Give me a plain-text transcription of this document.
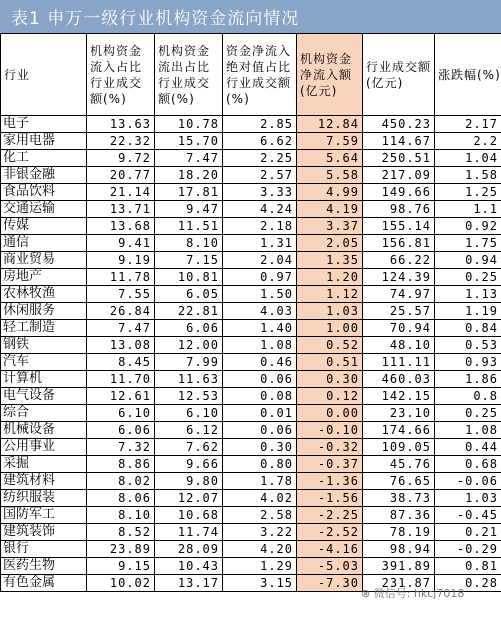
表1 申万一级行业机构资金流向情况
行业	机构资金流入占比行业成交额(%)	机构资金流出占比行业成交额(%)	资金净流入绝对值占比行业成交额(%)	机构资金净流入额(亿元)	行业成交额(亿元)	涨跌幅(%)
电子	13.63	10.78	2.85	12.84	450.23	2.17
家用电器	22.32	15.70	6.62	7.59	114.67	2.2
化工	9.72	7.47	2.25	5.64	250.51	1.04
非银金融	20.77	18.20	2.57	5.58	217.09	1.58
食品饮料	21.14	17.81	3.33	4.99	149.66	1.25
交通运输	13.71	9.47	4.24	4.19	98.76	1.1
传媒	13.68	11.51	2.18	3.37	155.14	0.92
通信	9.41	8.10	1.31	2.05	156.81	1.75
商业贸易	9.19	7.15	2.04	1.35	66.22	0.94
房地产	11.78	10.81	0.97	1.20	124.39	0.25
农林牧渔	7.55	6.05	1.50	1.12	74.97	1.13
休闲服务	26.84	22.81	4.03	1.03	25.57	1.19
轻工制造	7.47	6.06	1.40	1.00	70.94	0.84
钢铁	13.08	12.00	1.08	0.52	48.10	0.53
汽车	8.45	7.99	0.46	0.51	111.11	0.93
计算机	11.70	11.63	0.06	0.30	460.03	1.86
电气设备	12.61	12.53	0.08	0.12	142.15	0.8
综合	6.10	6.10	0.01	0.00	23.10	0.25
机械设备	6.06	6.12	0.06	-0.10	174.66	1.08
公用事业	7.32	7.62	0.30	-0.32	109.05	0.44
采掘	8.86	9.66	0.80	-0.37	45.76	0.68
建筑材料	8.02	9.80	1.78	-1.36	76.65	-0.06
纺织服装	8.06	12.07	4.02	-1.56	38.73	1.03
国防军工	8.10	10.68	2.58	-2.25	87.36	-0.45
建筑装饰	8.52	11.74	3.22	-2.52	78.19	0.21
银行	23.89	28.09	4.20	-4.16	98.94	-0.29
医药生物	9.15	10.43	1.29	-5.03	391.89	0.81
有色金属	10.02	13.17	3.15	-7.30	231.87	0.28
⊗ 微信号: hkcj7018
